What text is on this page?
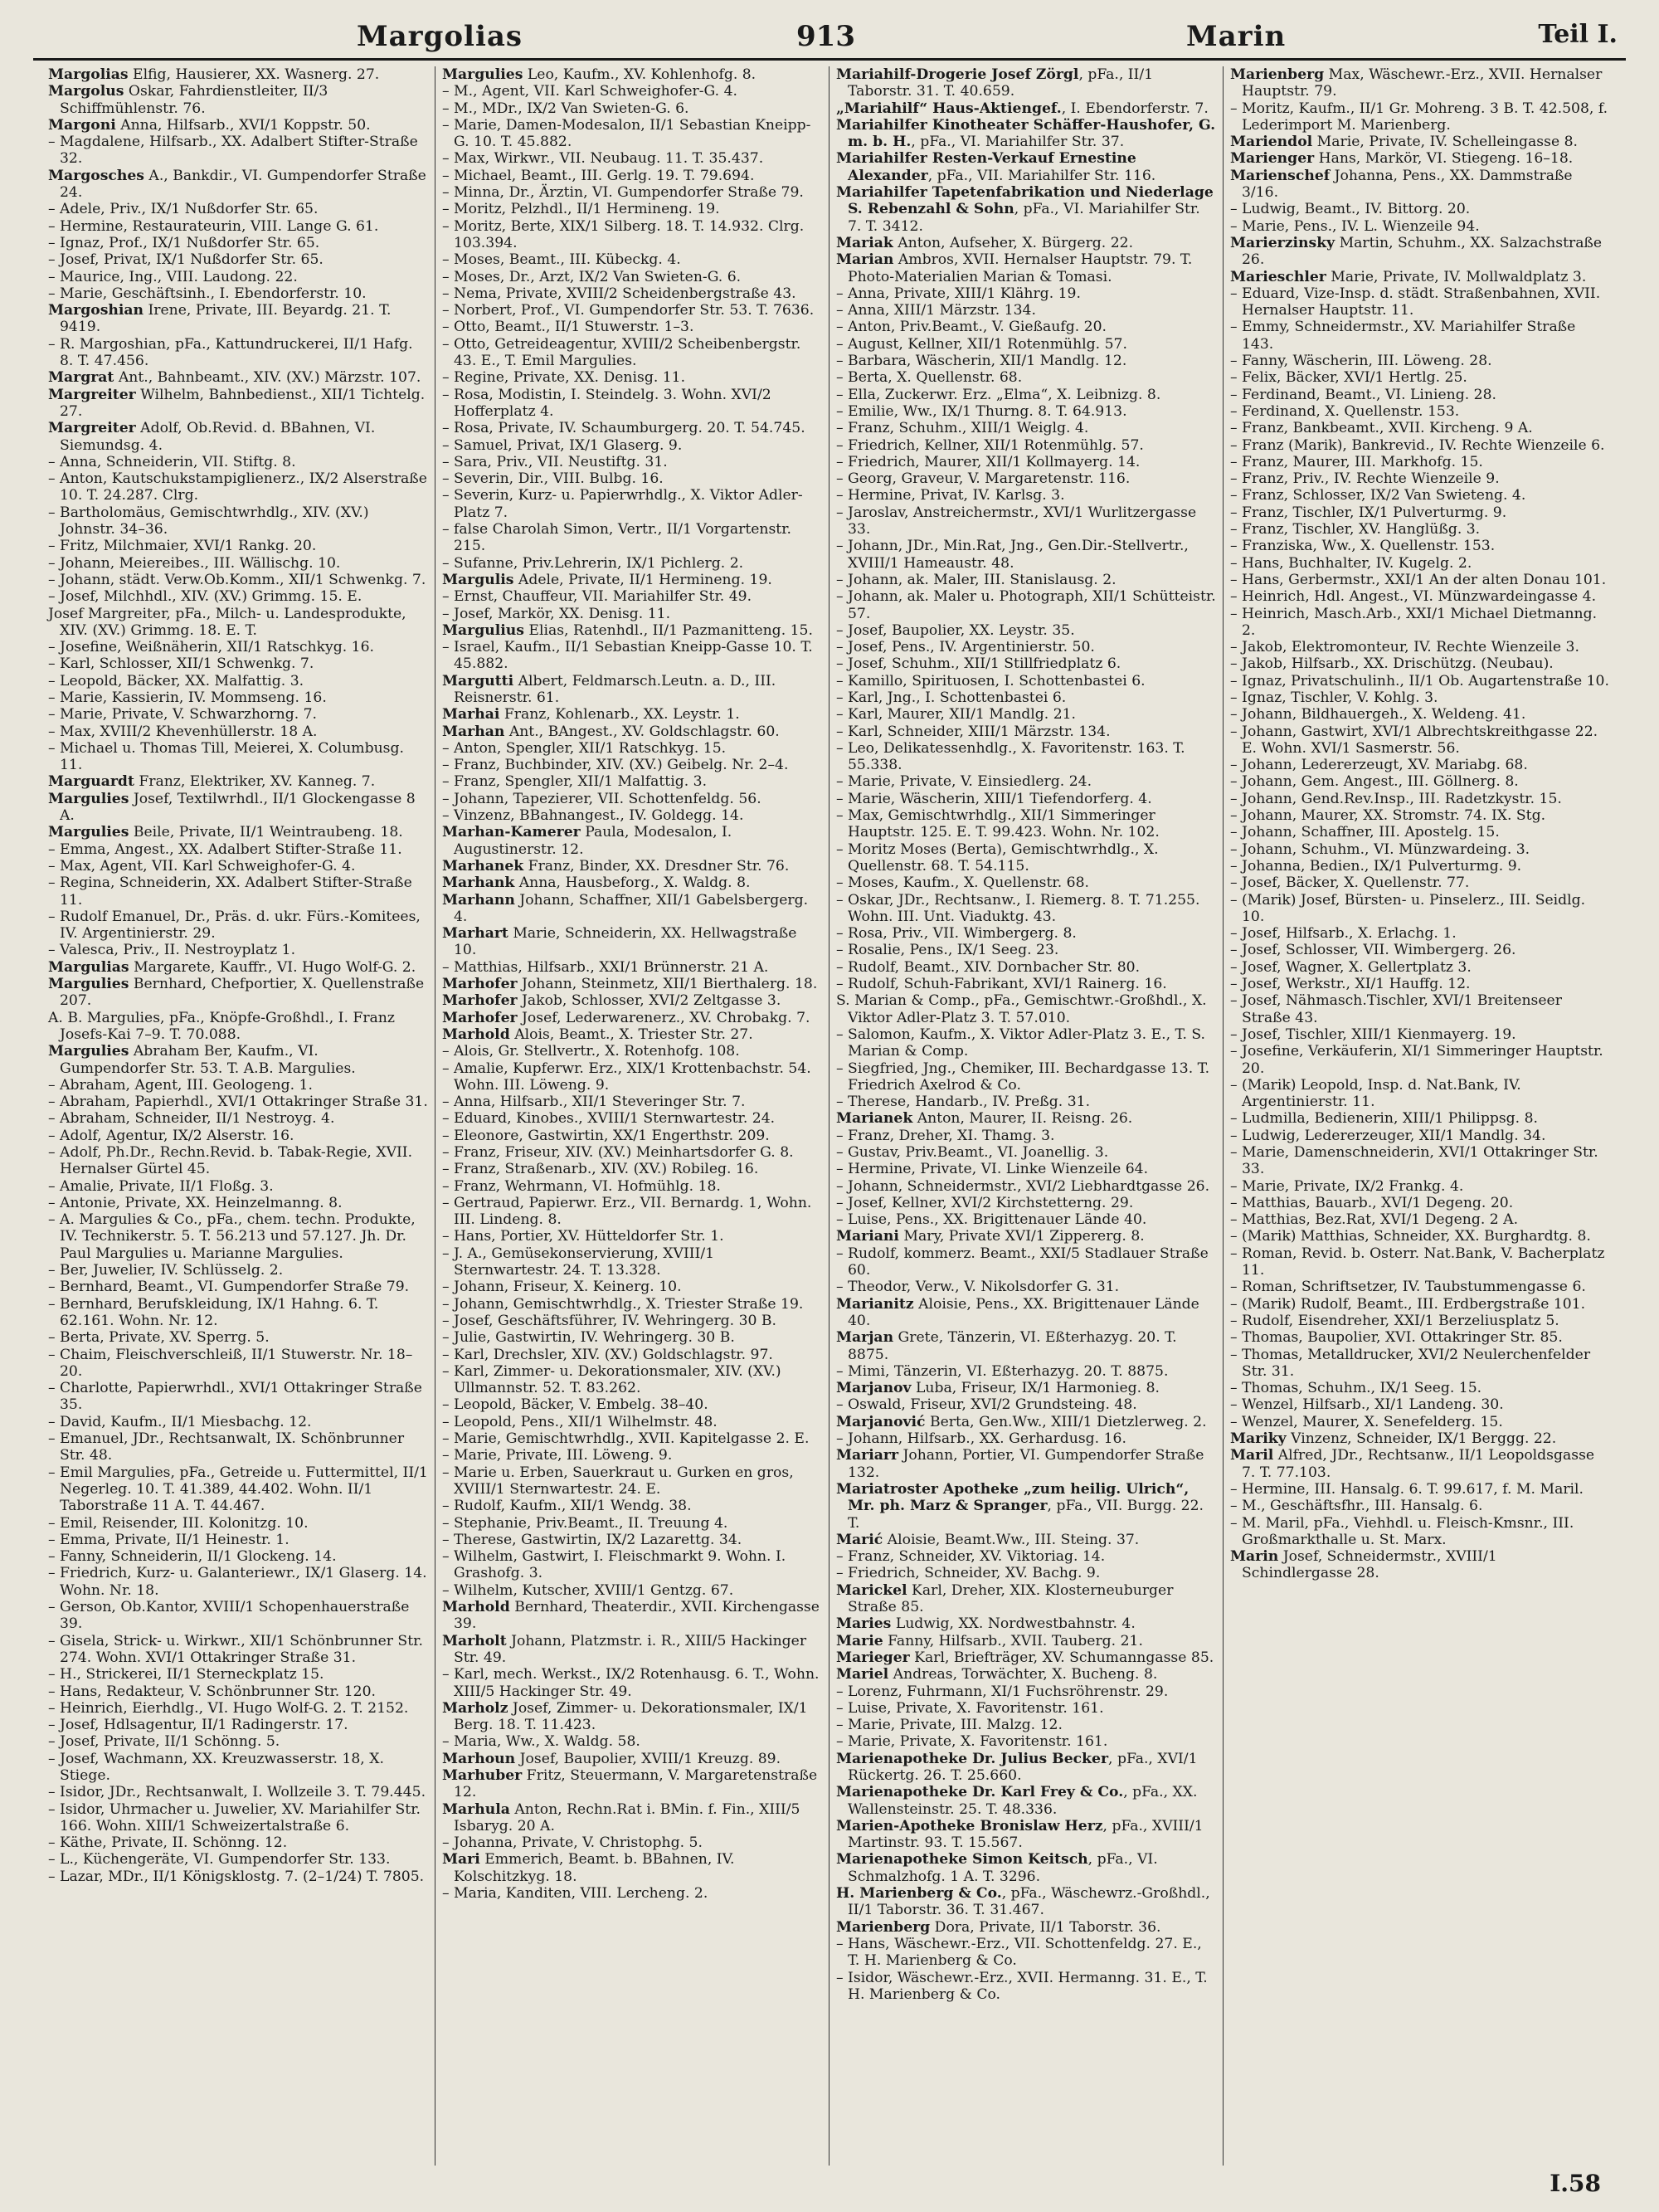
Margolias	913	Marin	Teil I.

Margolias Elfig, Hausierer, XX. Wasnerg. 27.

Margolus Oskar, Fahrdienstleiter, II/3 Schiffmühlenstr. 76.

Margoni Anna, Hilfsarb., XVI/1 Koppstr. 50.

– Magdalene, Hilfsarb., XX. Adalbert Stifter-Straße 32.

Margosches A., Bankdir., VI. Gumpendorfer Straße 24.

– Adele, Priv., IX/1 Nußdorfer Str. 65.

– Hermine, Restaurateurin, VIII. Lange G. 61.

– Ignaz, Prof., IX/1 Nußdorfer Str. 65.

– Josef, Privat, IX/1 Nußdorfer Str. 65.

– Maurice, Ing., VIII. Laudong. 22.

– Marie, Geschäftsinh., I. Ebendorferstr. 10.

Margoshian Irene, Private, III. Beyardg. 21. T. 9419.

– R. Margoshian, pFa., Kattundruckerei, II/1 Hafg. 8. T. 47.456.

Margrat Ant., Bahnbeamt., XIV. (XV.) Märzstr. 107.

Margreiter Wilhelm, Bahnbedienst., XII/1 Tichtelg. 27.

Margreiter Adolf, Ob.Revid. d. BBahnen, VI. Siemundsg. 4.

– Anna, Schneiderin, VII. Stiftg. 8.

– Anton, Kautschukstampiglienerz., IX/2 Alserstraße 10. T. 24.287. Clrg.

– Bartholomäus, Gemischtwrhdlg., XIV. (XV.) Johnstr. 34–36.

– Fritz, Milchmaier, XVI/1 Rankg. 20.

– Johann, Meiereibes., III. Wällischg. 10.

– Johann, städt. Verw.Ob.Komm., XII/1 Schwenkg. 7.

– Josef, Milchhdl., XIV. (XV.) Grimmg. 15. E.

Josef Margreiter, pFa., Milch- u. Landesprodukte, XIV. (XV.) Grimmg. 18. E. T.

– Josefine, Weißnäherin, XII/1 Ratschkyg. 16.

– Karl, Schlosser, XII/1 Schwenkg. 7.

– Leopold, Bäcker, XX. Malfattig. 3.

– Marie, Kassierin, IV. Mommseng. 16.

– Marie, Private, V. Schwarzhorng. 7.

– Max, XVIII/2 Khevenhüllerstr. 18 A.

– Michael u. Thomas Till, Meierei, X. Columbusg. 11.

Marguardt Franz, Elektriker, XV. Kanneg. 7.

Margulies Josef, Textilwrhdl., II/1 Glockengasse 8 A.

Margulies Beile, Private, II/1 Weintraubeng. 18.

– Emma, Angest., XX. Adalbert Stifter-Straße 11.

– Max, Agent, VII. Karl Schweighofer-G. 4.

– Regina, Schneiderin, XX. Adalbert Stifter-Straße 11.

– Rudolf Emanuel, Dr., Präs. d. ukr. Fürs.-Komitees, IV. Argentinierstr. 29.

– Valesca, Priv., II. Nestroyplatz 1.

Margulias Margarete, Kauffr., VI. Hugo Wolf-G. 2.

Margulies Bernhard, Chefportier, X. Quellenstraße 207.

A. B. Margulies, pFa., Knöpfe-Großhdl., I. Franz Josefs-Kai 7–9. T. 70.088.

Margulies Abraham Ber, Kaufm., VI. Gumpendorfer Str. 53. T. A.B. Margulies.

– Abraham, Agent, III. Geologeng. 1.

– Abraham, Papierhdl., XVI/1 Ottakringer Straße 31.

– Abraham, Schneider, II/1 Nestroyg. 4.

– Adolf, Agentur, IX/2 Alserstr. 16.

– Adolf, Ph.Dr., Rechn.Revid. b. Tabak-Regie, XVII. Hernalser Gürtel 45.

– Amalie, Private, II/1 Floßg. 3.

– Antonie, Private, XX. Heinzelmanng. 8.

– A. Margulies & Co., pFa., chem. techn. Produkte, IV. Technikerstr. 5. T. 56.213 und 57.127. Jh. Dr. Paul Margulies u. Marianne Margulies.

– Ber, Juwelier, IV. Schlüsselg. 2.

– Bernhard, Beamt., VI. Gumpendorfer Straße 79.

– Bernhard, Berufskleidung, IX/1 Hahng. 6. T. 62.161. Wohn. Nr. 12.

– Berta, Private, XV. Sperrg. 5.

– Chaim, Fleischverschleiß, II/1 Stuwerstr. Nr. 18–20.

– Charlotte, Papierwrhdl., XVI/1 Ottakringer Straße 35.

– David, Kaufm., II/1 Miesbachg. 12.

– Emanuel, JDr., Rechtsanwalt, IX. Schönbrunner Str. 48.

– Emil Margulies, pFa., Getreide u. Futtermittel, II/1 Negerleg. 10. T. 41.389, 44.402. Wohn. II/1 Taborstraße 11 A. T. 44.467.

– Emil, Reisender, III. Kolonitzg. 10.

– Emma, Private, II/1 Heinestr. 1.

– Fanny, Schneiderin, II/1 Glockeng. 14.

– Friedrich, Kurz- u. Galanteriewr., IX/1 Glaserg. 14. Wohn. Nr. 18.

– Gerson, Ob.Kantor, XVIII/1 Schopenhauerstraße 39.

– Gisela, Strick- u. Wirkwr., XII/1 Schönbrunner Str. 274. Wohn. XVI/1 Ottakringer Straße 31.

– H., Strickerei, II/1 Sterneckplatz 15.

– Hans, Redakteur, V. Schönbrunner Str. 120.

– Heinrich, Eierhdlg., VI. Hugo Wolf-G. 2. T. 2152.

– Josef, Hdlsagentur, II/1 Radingerstr. 17.

– Josef, Private, II/1 Schönng. 5.

– Josef, Wachmann, XX. Kreuzwasserstr. 18, X. Stiege.

– Isidor, JDr., Rechtsanwalt, I. Wollzeile 3. T. 79.445.

– Isidor, Uhrmacher u. Juwelier, XV. Mariahilfer Str. 166. Wohn. XIII/1 Schweizertalstraße 6.

– Käthe, Private, II. Schönng. 12.

– L., Küchengeräte, VI. Gumpendorfer Str. 133.

– Lazar, MDr., II/1 Königsklostg. 7. (2–1/24) T. 7805.

Margulies Leo, Kaufm., XV. Kohlenhofg. 8.

– M., Agent, VII. Karl Schweighofer-G. 4.

– M., MDr., IX/2 Van Swieten-G. 6.

– Marie, Damen-Modesalon, II/1 Sebastian Kneipp-G. 10. T. 45.882.

– Max, Wirkwr., VII. Neubaug. 11. T. 35.437.

– Michael, Beamt., III. Gerlg. 19. T. 79.694.

– Minna, Dr., Ärztin, VI. Gumpendorfer Straße 79.

– Moritz, Pelzhdl., II/1 Hermineng. 19.

– Moritz, Berte, XIX/1 Silberg. 18. T. 14.932. Clrg. 103.394.

– Moses, Beamt., III. Kübeckg. 4.

– Moses, Dr., Arzt, IX/2 Van Swieten-G. 6.

– Nema, Private, XVIII/2 Scheidenbergstraße 43.

– Norbert, Prof., VI. Gumpendorfer Str. 53. T. 7636.

– Otto, Beamt., II/1 Stuwerstr. 1–3.

– Otto, Getreideagentur, XVIII/2 Scheibenbergstr. 43. E., T. Emil Margulies.

– Regine, Private, XX. Denisg. 11.

– Rosa, Modistin, I. Steindelg. 3. Wohn. XVI/2 Hofferplatz 4.

– Rosa, Private, IV. Schaumburgerg. 20. T. 54.745.

– Samuel, Privat, IX/1 Glaserg. 9.

– Sara, Priv., VII. Neustiftg. 31.

– Severin, Dir., VIII. Bulbg. 16.

– Severin, Kurz- u. Papierwrhdlg., X. Viktor Adler-Platz 7.

– false Charolah Simon, Vertr., II/1 Vorgartenstr. 215.

– Sufanne, Priv.Lehrerin, IX/1 Pichlerg. 2.

Margulis Adele, Private, II/1 Hermineng. 19.

– Ernst, Chauffeur, VII. Mariahilfer Str. 49.

– Josef, Markör, XX. Denisg. 11.

Margulius Elias, Ratenhdl., II/1 Pazmanitteng. 15.

– Israel, Kaufm., II/1 Sebastian Kneipp-Gasse 10. T. 45.882.

Margutti Albert, Feldmarsch.Leutn. a. D., III. Reisnerstr. 61.

Marhai Franz, Kohlenarb., XX. Leystr. 1.

Marhan Ant., BAngest., XV. Goldschlagstr. 60.

– Anton, Spengler, XII/1 Ratschkyg. 15.

– Franz, Buchbinder, XIV. (XV.) Geibelg. Nr. 2–4.

– Franz, Spengler, XII/1 Malfattig. 3.

– Johann, Tapezierer, VII. Schottenfeldg. 56.

– Vinzenz, BBahnangest., IV. Goldegg. 14.

Marhan-Kamerer Paula, Modesalon, I. Augustinerstr. 12.

Marhanek Franz, Binder, XX. Dresdner Str. 76.

Marhank Anna, Hausbeforg., X. Waldg. 8.

Marhann Johann, Schaffner, XII/1 Gabelsbergerg. 4.

Marhart Marie, Schneiderin, XX. Hellwagstraße 10.

– Matthias, Hilfsarb., XXI/1 Brünnerstr. 21 A.

Marhofer Johann, Steinmetz, XII/1 Bierthalerg. 18.

Marhofer Jakob, Schlosser, XVI/2 Zeltgasse 3.

Marhofer Josef, Lederwarenerz., XV. Chrobakg. 7.

Marhold Alois, Beamt., X. Triester Str. 27.

– Alois, Gr. Stellvertr., X. Rotenhofg. 108.

– Amalie, Kupferwr. Erz., XIX/1 Krottenbachstr. 54. Wohn. III. Löweng. 9.

– Anna, Hilfsarb., XII/1 Steveringer Str. 7.

– Eduard, Kinobes., XVIII/1 Sternwartestr. 24.

– Eleonore, Gastwirtin, XX/1 Engerthstr. 209.

– Franz, Friseur, XIV. (XV.) Meinhartsdorfer G. 8.

– Franz, Straßenarb., XIV. (XV.) Robileg. 16.

– Franz, Wehrmann, VI. Hofmühlg. 18.

– Gertraud, Papierwr. Erz., VII. Bernardg. 1, Wohn. III. Lindeng. 8.

– Hans, Portier, XV. Hütteldorfer Str. 1.

– J. A., Gemüsekonservierung, XVIII/1 Sternwartestr. 24. T. 13.328.

– Johann, Friseur, X. Keinerg. 10.

– Johann, Gemischtwrhdlg., X. Triester Straße 19.

– Josef, Geschäftsführer, IV. Wehringerg. 30 B.

– Julie, Gastwirtin, IV. Wehringerg. 30 B.

– Karl, Drechsler, XIV. (XV.) Goldschlagstr. 97.

– Karl, Zimmer- u. Dekorationsmaler, XIV. (XV.) Ullmannstr. 52. T. 83.262.

– Leopold, Bäcker, V. Embelg. 38–40.

– Leopold, Pens., XII/1 Wilhelmstr. 48.

– Marie, Gemischtwrhdlg., XVII. Kapitelgasse 2. E.

– Marie, Private, III. Löweng. 9.

– Marie u. Erben, Sauerkraut u. Gurken en gros, XVIII/1 Sternwartestr. 24. E.

– Rudolf, Kaufm., XII/1 Wendg. 38.

– Stephanie, Priv.Beamt., II. Treuung 4.

– Therese, Gastwirtin, IX/2 Lazarettg. 34.

– Wilhelm, Gastwirt, I. Fleischmarkt 9. Wohn. I. Grashofg. 3.

– Wilhelm, Kutscher, XVIII/1 Gentzg. 67.

Marhold Bernhard, Theaterdir., XVII. Kirchengasse 39.

Marholt Johann, Platzmstr. i. R., XIII/5 Hackinger Str. 49.

– Karl, mech. Werkst., IX/2 Rotenhausg. 6. T., Wohn. XIII/5 Hackinger Str. 49.

Marholz Josef, Zimmer- u. Dekorationsmaler, IX/1 Berg. 18. T. 11.423.

– Maria, Ww., X. Waldg. 58.

Marhoun Josef, Baupolier, XVIII/1 Kreuzg. 89.

Marhuber Fritz, Steuermann, V. Margaretenstraße 12.

Marhula Anton, Rechn.Rat i. BMin. f. Fin., XIII/5 Isbaryg. 20 A.

– Johanna, Private, V. Christophg. 5.

Mari Emmerich, Beamt. b. BBahnen, IV. Kolschitzkyg. 18.

– Maria, Kanditen, VIII. Lercheng. 2.

Mariahilf-Drogerie Josef Zörgl, pFa., II/1 Taborstr. 31. T. 40.659.

„Mariahilf“ Haus-Aktiengef., I. Ebendorferstr. 7.

Mariahilfer Kinotheater Schäffer-Haushofer, G. m. b. H., pFa., VI. Mariahilfer Str. 37.

Mariahilfer Resten-Verkauf Ernestine Alexander, pFa., VII. Mariahilfer Str. 116.

Mariahilfer Tapetenfabrikation und Niederlage S. Rebenzahl & Sohn, pFa., VI. Mariahilfer Str. 7. T. 3412.

Mariak Anton, Aufseher, X. Bürgerg. 22.

Marian Ambros, XVII. Hernalser Hauptstr. 79. T. Photo-Materialien Marian & Tomasi.

– Anna, Private, XIII/1 Klährg. 19.

– Anna, XIII/1 Märzstr. 134.

– Anton, Priv.Beamt., V. Gießaufg. 20.

– August, Kellner, XII/1 Rotenmühlg. 57.

– Barbara, Wäscherin, XII/1 Mandlg. 12.

– Berta, X. Quellenstr. 68.

– Ella, Zuckerwr. Erz. „Elma“, X. Leibnizg. 8.

– Emilie, Ww., IX/1 Thurng. 8. T. 64.913.

– Franz, Schuhm., XIII/1 Weiglg. 4.

– Friedrich, Kellner, XII/1 Rotenmühlg. 57.

– Friedrich, Maurer, XII/1 Kollmayerg. 14.

– Georg, Graveur, V. Margaretenstr. 116.

– Hermine, Privat, IV. Karlsg. 3.

– Jaroslav, Anstreichermstr., XVI/1 Wurlitzergasse 33.

– Johann, JDr., Min.Rat, Jng., Gen.Dir.-Stellvertr., XVIII/1 Hameaustr. 48.

– Johann, ak. Maler, III. Stanislausg. 2.

– Johann, ak. Maler u. Photograph, XII/1 Schütteistr. 57.

– Josef, Baupolier, XX. Leystr. 35.

– Josef, Pens., IV. Argentinierstr. 50.

– Josef, Schuhm., XII/1 Stillfriedplatz 6.

– Kamillo, Spirituosen, I. Schottenbastei 6.

– Karl, Jng., I. Schottenbastei 6.

– Karl, Maurer, XII/1 Mandlg. 21.

– Karl, Schneider, XIII/1 Märzstr. 134.

– Leo, Delikatessenhdlg., X. Favoritenstr. 163. T. 55.338.

– Marie, Private, V. Einsiedlerg. 24.

– Marie, Wäscherin, XIII/1 Tiefendorferg. 4.

– Max, Gemischtwrhdlg., XII/1 Simmeringer Hauptstr. 125. E. T. 99.423. Wohn. Nr. 102.

– Moritz Moses (Berta), Gemischtwrhdlg., X. Quellenstr. 68. T. 54.115.

– Moses, Kaufm., X. Quellenstr. 68.

– Oskar, JDr., Rechtsanw., I. Riemerg. 8. T. 71.255. Wohn. III. Unt. Viaduktg. 43.

– Rosa, Priv., VII. Wimbergerg. 8.

– Rosalie, Pens., IX/1 Seeg. 23.

– Rudolf, Beamt., XIV. Dornbacher Str. 80.

– Rudolf, Schuh-Fabrikant, XVI/1 Rainerg. 16.

S. Marian & Comp., pFa., Gemischtwr.-Großhdl., X. Viktor Adler-Platz 3. T. 57.010.

– Salomon, Kaufm., X. Viktor Adler-Platz 3. E., T. S. Marian & Comp.

– Siegfried, Jng., Chemiker, III. Bechardgasse 13. T. Friedrich Axelrod & Co.

– Therese, Handarb., IV. Preßg. 31.

Marianek Anton, Maurer, II. Reisng. 26.

– Franz, Dreher, XI. Thamg. 3.

– Gustav, Priv.Beamt., VI. Joanellig. 3.

– Hermine, Private, VI. Linke Wienzeile 64.

– Johann, Schneidermstr., XVI/2 Liebhardtgasse 26.

– Josef, Kellner, XVI/2 Kirchstetterng. 29.

– Luise, Pens., XX. Brigittenauer Lände 40.

Mariani Mary, Private XVI/1 Zippererg. 8.

– Rudolf, kommerz. Beamt., XXI/5 Stadlauer Straße 60.

– Theodor, Verw., V. Nikolsdorfer G. 31.

Marianitz Aloisie, Pens., XX. Brigittenauer Lände 40.

Marjan Grete, Tänzerin, VI. Eßterhazyg. 20. T. 8875.

– Mimi, Tänzerin, VI. Eßterhazyg. 20. T. 8875.

Marjanov Luba, Friseur, IX/1 Harmonieg. 8.

– Oswald, Friseur, XVI/2 Grundsteing. 48.

Marjanović Berta, Gen.Ww., XIII/1 Dietzlerweg. 2.

– Johann, Hilfsarb., XX. Gerhardusg. 16.

Mariarr Johann, Portier, VI. Gumpendorfer Straße 132.

Mariatroster Apotheke „zum heilig. Ulrich“, Mr. ph. Marz & Spranger, pFa., VII. Burgg. 22. T.

Marić Aloisie, Beamt.Ww., III. Steing. 37.

– Franz, Schneider, XV. Viktoriag. 14.

– Friedrich, Schneider, XV. Bachg. 9.

Marickel Karl, Dreher, XIX. Klosterneuburger Straße 85.

Maries Ludwig, XX. Nordwestbahnstr. 4.

Marie Fanny, Hilfsarb., XVII. Tauberg. 21.

Marieger Karl, Briefträger, XV. Schumanngasse 85.

Mariel Andreas, Torwächter, X. Bucheng. 8.

– Lorenz, Fuhrmann, XI/1 Fuchsröhrenstr. 29.

– Luise, Private, X. Favoritenstr. 161.

– Marie, Private, III. Malzg. 12.

– Marie, Private, X. Favoritenstr. 161.

Marienapotheke Dr. Julius Becker, pFa., XVI/1 Rückertg. 26. T. 25.660.

Marienapotheke Dr. Karl Frey & Co., pFa., XX. Wallensteinstr. 25. T. 48.336.

Marien-Apotheke Bronislaw Herz, pFa., XVIII/1 Martinstr. 93. T. 15.567.

Marienapotheke Simon Keitsch, pFa., VI. Schmalzhofg. 1 A. T. 3296.

H. Marienberg & Co., pFa., Wäschewrz.-Großhdl., II/1 Taborstr. 36. T. 31.467.

Marienberg Dora, Private, II/1 Taborstr. 36.

– Hans, Wäschewr.-Erz., VII. Schottenfeldg. 27. E., T. H. Marienberg & Co.

– Isidor, Wäschewr.-Erz., XVII. Hermanng. 31. E., T. H. Marienberg & Co.

Marienberg Max, Wäschewr.-Erz., XVII. Hernalser Hauptstr. 79.

– Moritz, Kaufm., II/1 Gr. Mohreng. 3 B. T. 42.508, f. Lederimport M. Marienberg.

Mariendol Marie, Private, IV. Schelleingasse 8.

Marienger Hans, Markör, VI. Stiegeng. 16–18.

Marienschef Johanna, Pens., XX. Dammstraße 3/16.

– Ludwig, Beamt., IV. Bittorg. 20.

– Marie, Pens., IV. L. Wienzeile 94.

Marierzinsky Martin, Schuhm., XX. Salzachstraße 26.

Marieschler Marie, Private, IV. Mollwaldplatz 3.

– Eduard, Vize-Insp. d. städt. Straßenbahnen, XVII. Hernalser Hauptstr. 11.

– Emmy, Schneidermstr., XV. Mariahilfer Straße 143.

– Fanny, Wäscherin, III. Löweng. 28.

– Felix, Bäcker, XVI/1 Hertlg. 25.

– Ferdinand, Beamt., VI. Linieng. 28.

– Ferdinand, X. Quellenstr. 153.

– Franz, Bankbeamt., XVII. Kircheng. 9 A.

– Franz (Marik), Bankrevid., IV. Rechte Wienzeile 6.

– Franz, Maurer, III. Markhofg. 15.

– Franz, Priv., IV. Rechte Wienzeile 9.

– Franz, Schlosser, IX/2 Van Swieteng. 4.

– Franz, Tischler, IX/1 Pulverturmg. 9.

– Franz, Tischler, XV. Hanglüßg. 3.

– Franziska, Ww., X. Quellenstr. 153.

– Hans, Buchhalter, IV. Kugelg. 2.

– Hans, Gerbermstr., XXI/1 An der alten Donau 101.

– Heinrich, Hdl. Angest., VI. Münzwardeingasse 4.

– Heinrich, Masch.Arb., XXI/1 Michael Dietmanng. 2.

– Jakob, Elektromonteur, IV. Rechte Wienzeile 3.

– Jakob, Hilfsarb., XX. Drischützg. (Neubau).

– Ignaz, Privatschulinh., II/1 Ob. Augartenstraße 10.

– Ignaz, Tischler, V. Kohlg. 3.

– Johann, Bildhauergeh., X. Weldeng. 41.

– Johann, Gastwirt, XVI/1 Albrechtskreithgasse 22. E. Wohn. XVI/1 Sasmerstr. 56.

– Johann, Ledererzeugt, XV. Mariabg. 68.

– Johann, Gem. Angest., III. Göllnerg. 8.

– Johann, Gend.Rev.Insp., III. Radetzkystr. 15.

– Johann, Maurer, XX. Stromstr. 74. IX. Stg.

– Johann, Schaffner, III. Apostelg. 15.

– Johann, Schuhm., VI. Münzwardeing. 3.

– Johanna, Bedien., IX/1 Pulverturmg. 9.

– Josef, Bäcker, X. Quellenstr. 77.

– (Marik) Josef, Bürsten- u. Pinselerz., III. Seidlg. 10.

– Josef, Hilfsarb., X. Erlachg. 1.

– Josef, Schlosser, VII. Wimbergerg. 26.

– Josef, Wagner, X. Gellertplatz 3.

– Josef, Werkstr., XI/1 Hauffg. 12.

– Josef, Nähmasch.Tischler, XVI/1 Breitenseer Straße 43.

– Josef, Tischler, XIII/1 Kienmayerg. 19.

– Josefine, Verkäuferin, XI/1 Simmeringer Hauptstr. 20.

– (Marik) Leopold, Insp. d. Nat.Bank, IV. Argentinierstr. 11.

– Ludmilla, Bedienerin, XIII/1 Philippsg. 8.

– Ludwig, Ledererzeuger, XII/1 Mandlg. 34.

– Marie, Damenschneiderin, XVI/1 Ottakringer Str. 33.

– Marie, Private, IX/2 Frankg. 4.

– Matthias, Bauarb., XVI/1 Degeng. 20.

– Matthias, Bez.Rat, XVI/1 Degeng. 2 A.

– (Marik) Matthias, Schneider, XX. Burghardtg. 8.

– Roman, Revid. b. Osterr. Nat.Bank, V. Bacherplatz 11.

– Roman, Schriftsetzer, IV. Taubstummengasse 6.

– (Marik) Rudolf, Beamt., III. Erdbergstraße 101.

– Rudolf, Eisendreher, XXI/1 Berzeliusplatz 5.

– Thomas, Baupolier, XVI. Ottakringer Str. 85.

– Thomas, Metalldrucker, XVI/2 Neulerchenfelder Str. 31.

– Thomas, Schuhm., IX/1 Seeg. 15.

– Wenzel, Hilfsarb., XI/1 Landeng. 30.

– Wenzel, Maurer, X. Senefelderg. 15.

Mariky Vinzenz, Schneider, IX/1 Berggg. 22.

Maril Alfred, JDr., Rechtsanw., II/1 Leopoldsgasse 7. T. 77.103.

– Hermine, III. Hansalg. 6. T. 99.617, f. M. Maril.

– M., Geschäftsfhr., III. Hansalg. 6.

– M. Maril, pFa., Viehhdl. u. Fleisch-Kmsnr., III. Großmarkthalle u. St. Marx.

Marin Josef, Schneidermstr., XVIII/1 Schindlergasse 28.

I.58
